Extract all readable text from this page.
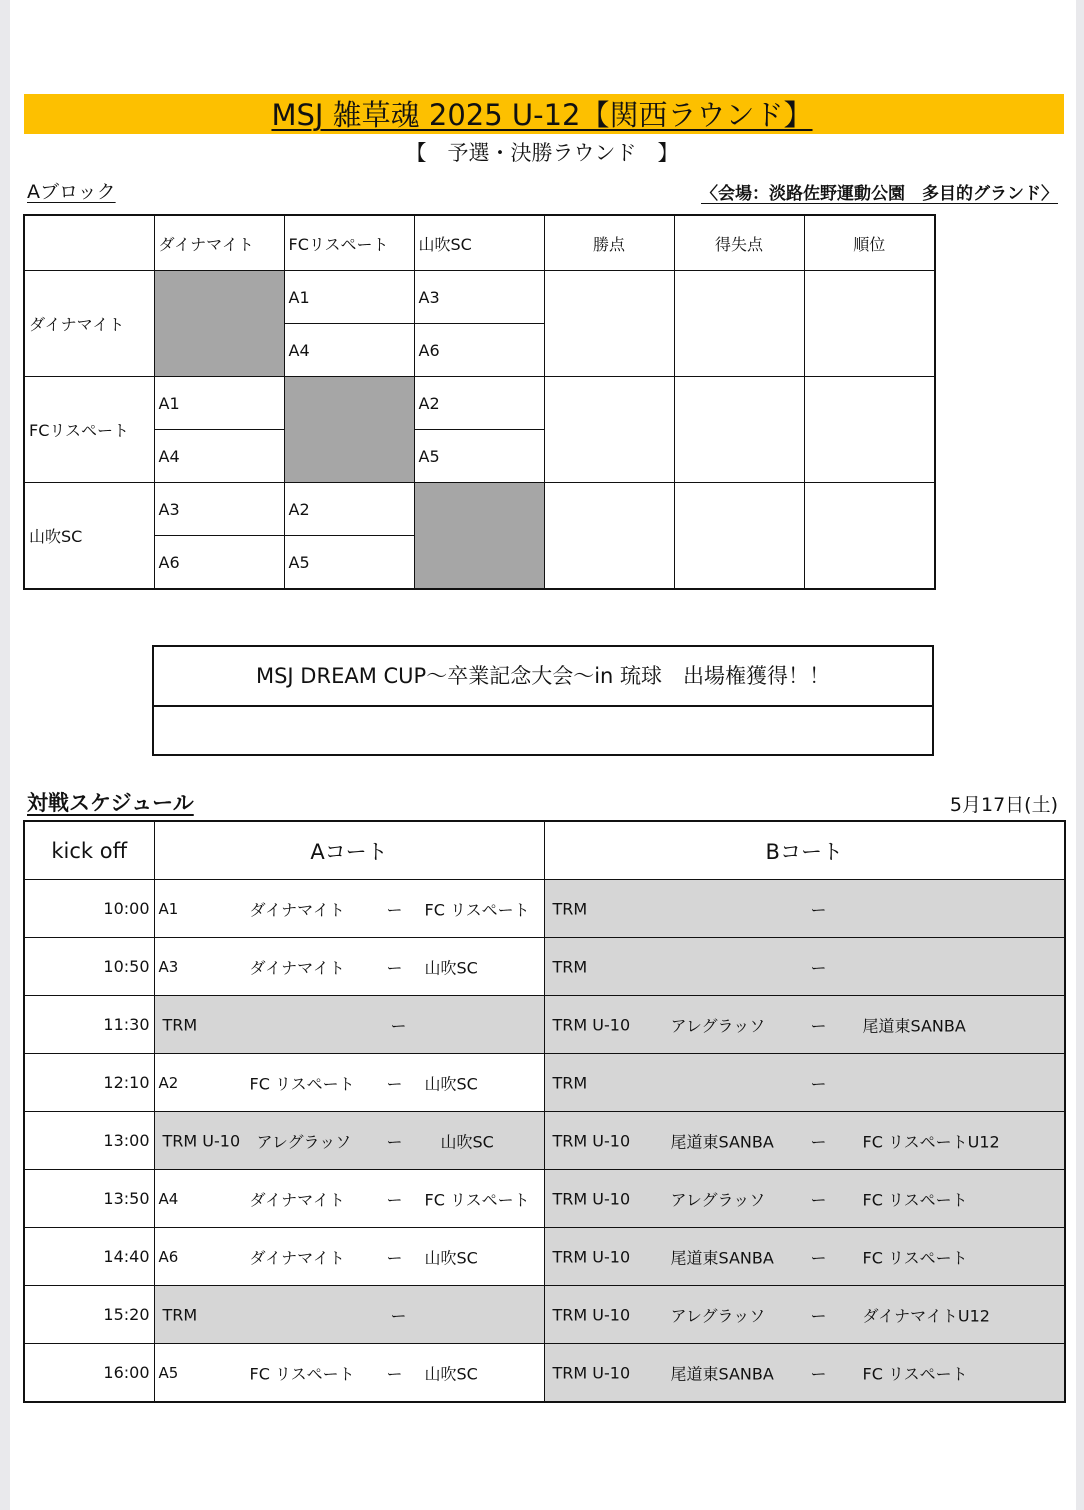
MSJ 雑草魂 2025 U-12【関西ラウンド】
【　予選・決勝ラウンド　】
Aブロック	〈会場：淡路佐野運動公園　多目的グランド〉
	ダイナマイト	FCリスペート	山吹SC	勝点	得失点	順位
ダイナマイト		A1	A3			
		A4	A6			
FCリスペート	A1		A2			
	A4		A5			
山吹SC	A3	A2				
	A6	A5				
MSJ DREAM CUP～卒業記念大会～in 琉球　出場権獲得！！
対戦スケジュール	5月17日(土)
kick off	Aコート	Bコート
10:00	A1 ダイナマイト ー FC リスペート	TRM ー

10:50	A3 ダイナマイト ー 山吹SC	TRM ー

11:30	TRM ー	TRM U-10 アレグラッソ ー 尾道東SANBA

12:10	A2 FC リスペート ー 山吹SC	TRM ー

13:00	TRM U-10 アレグラッソ ー 山吹SC	TRM U-10 尾道東SANBA ー FC リスペートU12

13:50	A4 ダイナマイト ー FC リスペート	TRM U-10 アレグラッソ ー FC リスペート

14:40	A6 ダイナマイト ー 山吹SC	TRM U-10 尾道東SANBA ー FC リスペート

15:20	TRM ー	TRM U-10 アレグラッソ ー ダイナマイトU12

16:00	A5 FC リスペート ー 山吹SC	TRM U-10 尾道東SANBA ー FC リスペート
